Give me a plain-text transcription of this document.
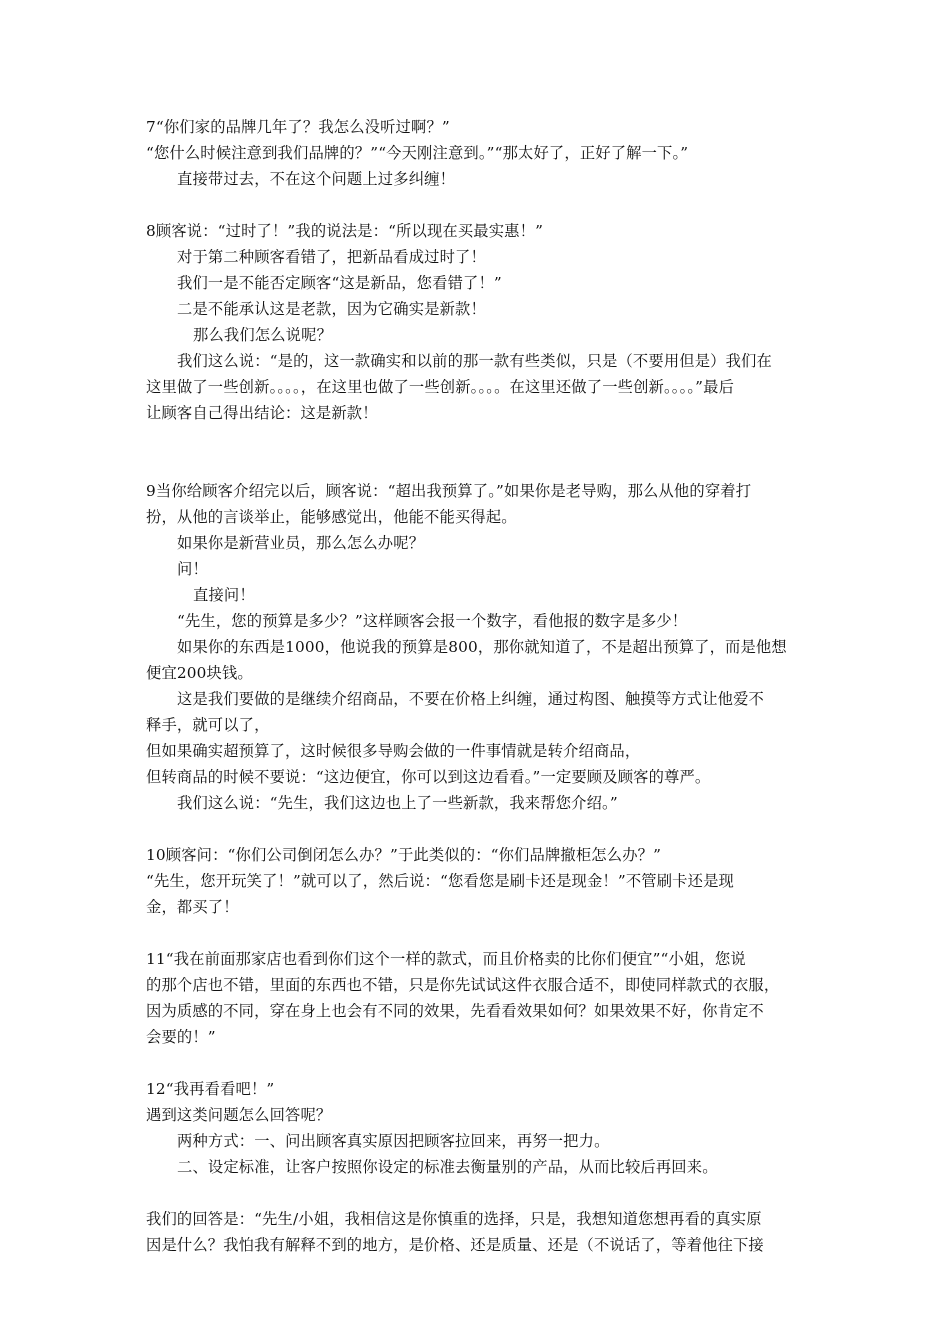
7“你们家的品牌几年了？我怎么没听过啊？”
“您什么时候注意到我们品牌的？”“今天刚注意到。”“那太好了，正好了解一下。”
直接带过去，不在这个问题上过多纠缠！
8顾客说：“过时了！”我的说法是：“所以现在买最实惠！”
对于第二种顾客看错了，把新品看成过时了！
我们一是不能否定顾客“这是新品，您看错了！”
二是不能承认这是老款，因为它确实是新款！
那么我们怎么说呢？
我们这么说：“是的，这一款确实和以前的那一款有些类似，只是（不要用但是）我们在
这里做了一些创新。。。。，在这里也做了一些创新。。。。在这里还做了一些创新。。。。”最后
让顾客自己得出结论：这是新款！
9当你给顾客介绍完以后，顾客说：“超出我预算了。”如果你是老导购，那么从他的穿着打
扮，从他的言谈举止，能够感觉出，他能不能买得起。
如果你是新营业员，那么怎么办呢？
问！
直接问！
“先生，您的预算是多少？”这样顾客会报一个数字，看他报的数字是多少！
如果你的东西是1000，他说我的预算是800，那你就知道了，不是超出预算了，而是他想
便宜200块钱。
这是我们要做的是继续介绍商品，不要在价格上纠缠，通过构图、触摸等方式让他爱不
释手，就可以了，
但如果确实超预算了，这时候很多导购会做的一件事情就是转介绍商品，
但转商品的时候不要说：“这边便宜，你可以到这边看看。”一定要顾及顾客的尊严。
我们这么说：“先生，我们这边也上了一些新款，我来帮您介绍。”
10顾客问：“你们公司倒闭怎么办？”于此类似的：“你们品牌撤柜怎么办？”
“先生，您开玩笑了！”就可以了，然后说：“您看您是刷卡还是现金！”不管刷卡还是现
金，都买了！
11“我在前面那家店也看到你们这个一样的款式，而且价格卖的比你们便宜”“小姐，您说
的那个店也不错，里面的东西也不错，只是你先试试这件衣服合适不，即使同样款式的衣服，
因为质感的不同，穿在身上也会有不同的效果，先看看效果如何？如果效果不好，你肯定不
会要的！”
12“我再看看吧！”
遇到这类问题怎么回答呢？
两种方式：一、问出顾客真实原因把顾客拉回来，再努一把力。
二、设定标准，让客户按照你设定的标准去衡量别的产品，从而比较后再回来。
我们的回答是：“先生/小姐，我相信这是你慎重的选择，只是，我想知道您想再看的真实原
因是什么？我怕我有解释不到的地方，是价格、还是质量、还是（不说话了，等着他往下接
